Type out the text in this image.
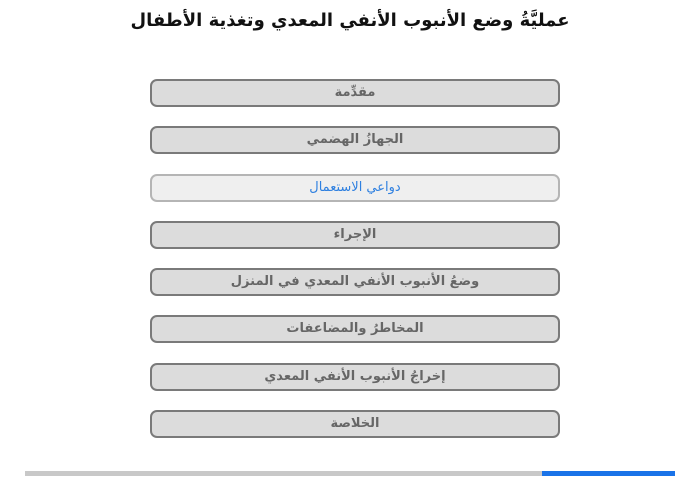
عمليَّةُ وضع الأنبوب الأنفي المعدي وتغذية الأطفال
مقدِّمة
الجهازُ الهضمي
دواعي الاستعمال
الإجراء
وضعُ الأنبوب الأنفي المعدي في المنزل
المخاطرُ والمضاعفات
إخراجُ الأنبوب الأنفي المعدي
الخلاصة
